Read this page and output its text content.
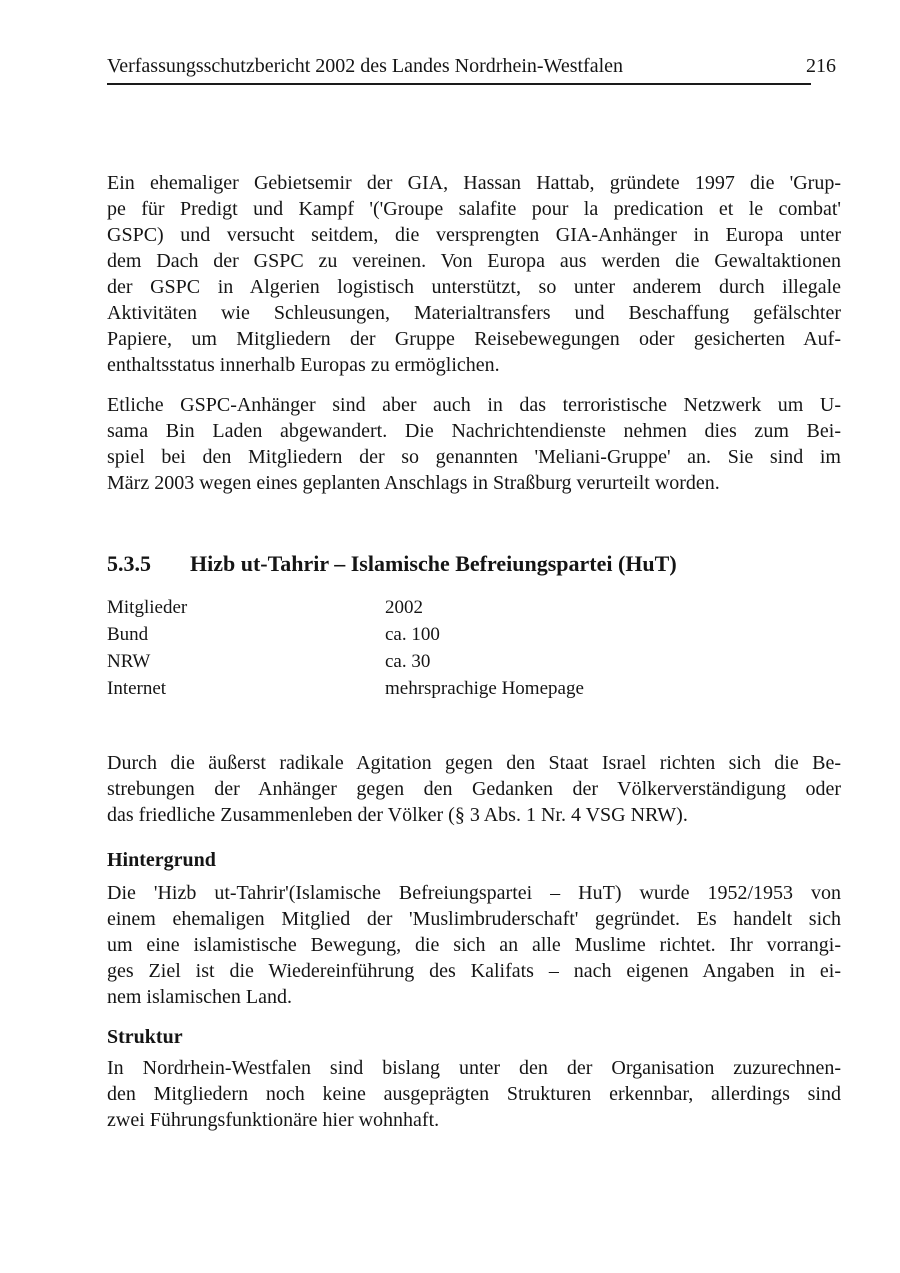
Verfassungsschutzbericht 2002 des Landes Nordrhein-Westfalen	216
Ein ehemaliger Gebietsemir der GIA, Hassan Hattab, gründete 1997 die 'Grup-
pe für Predigt und Kampf '('Groupe salafite pour la predication et le combat'
GSPC) und versucht seitdem, die versprengten GIA-Anhänger in Europa unter
dem Dach der GSPC zu vereinen. Von Europa aus werden die Gewaltaktionen
der GSPC in Algerien logistisch unterstützt, so unter anderem durch illegale
Aktivitäten wie Schleusungen, Materialtransfers und Beschaffung gefälschter
Papiere, um Mitgliedern der Gruppe Reisebewegungen oder gesicherten Auf-
enthaltsstatus innerhalb Europas zu ermöglichen.
Etliche GSPC-Anhänger sind aber auch in das terroristische Netzwerk um U-
sama Bin Laden abgewandert. Die Nachrichtendienste nehmen dies zum Bei-
spiel bei den Mitgliedern der so genannten 'Meliani-Gruppe' an. Sie sind im
März 2003 wegen eines geplanten Anschlags in Straßburg verurteilt worden.
5.3.5 Hizb ut-Tahrir – Islamische Befreiungspartei (HuT)
Mitglieder	2002
Bund	ca. 100
NRW	ca. 30
Internet	mehrsprachige Homepage
Durch die äußerst radikale Agitation gegen den Staat Israel richten sich die Be-
strebungen der Anhänger gegen den Gedanken der Völkerverständigung oder
das friedliche Zusammenleben der Völker (§ 3 Abs. 1 Nr. 4 VSG NRW).
Hintergrund
Die 'Hizb ut-Tahrir'(Islamische Befreiungspartei – HuT) wurde 1952/1953 von
einem ehemaligen Mitglied der 'Muslimbruderschaft' gegründet. Es handelt sich
um eine islamistische Bewegung, die sich an alle Muslime richtet. Ihr vorrangi-
ges Ziel ist die Wiedereinführung des Kalifats – nach eigenen Angaben in ei-
nem islamischen Land.
Struktur
In Nordrhein-Westfalen sind bislang unter den der Organisation zuzurechnen-
den Mitgliedern noch keine ausgeprägten Strukturen erkennbar, allerdings sind
zwei Führungsfunktionäre hier wohnhaft.
